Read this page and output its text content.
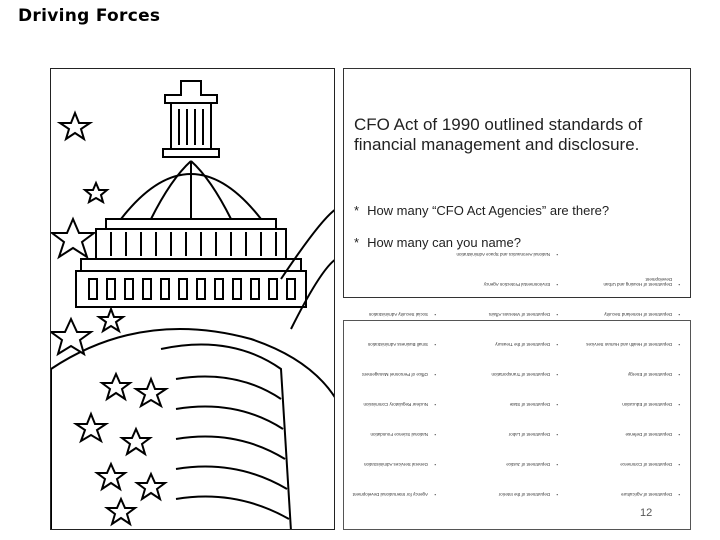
Driving Forces
CFO Act of 1990 outlined standards of financial management and disclosure.
* How many “CFO Act Agencies” are there?
* How many can you name?
•
Department of Agriculture
•
Department of Commerce
•
Department of Defense
•
Department of Education
•
Department of Energy
•
Department of Health and Human Services
•
Department of Homeland Security
•
Department of Housing and Urban Development
•
Department of the Interior
•
Department of Justice
•
Department of Labor
•
Department of State
•
Department of Transportation
•
Department of the Treasury
•
Department of Veterans Affairs
•
Environmental Protection Agency
•
National Aeronautics and Space Administration
•
Agency for International Development
•
General Services Administration
•
National Science Foundation
•
Nuclear Regulatory Commission
•
Office of Personnel Management
•
Small Business Administration
•
Social Security Administration
12
